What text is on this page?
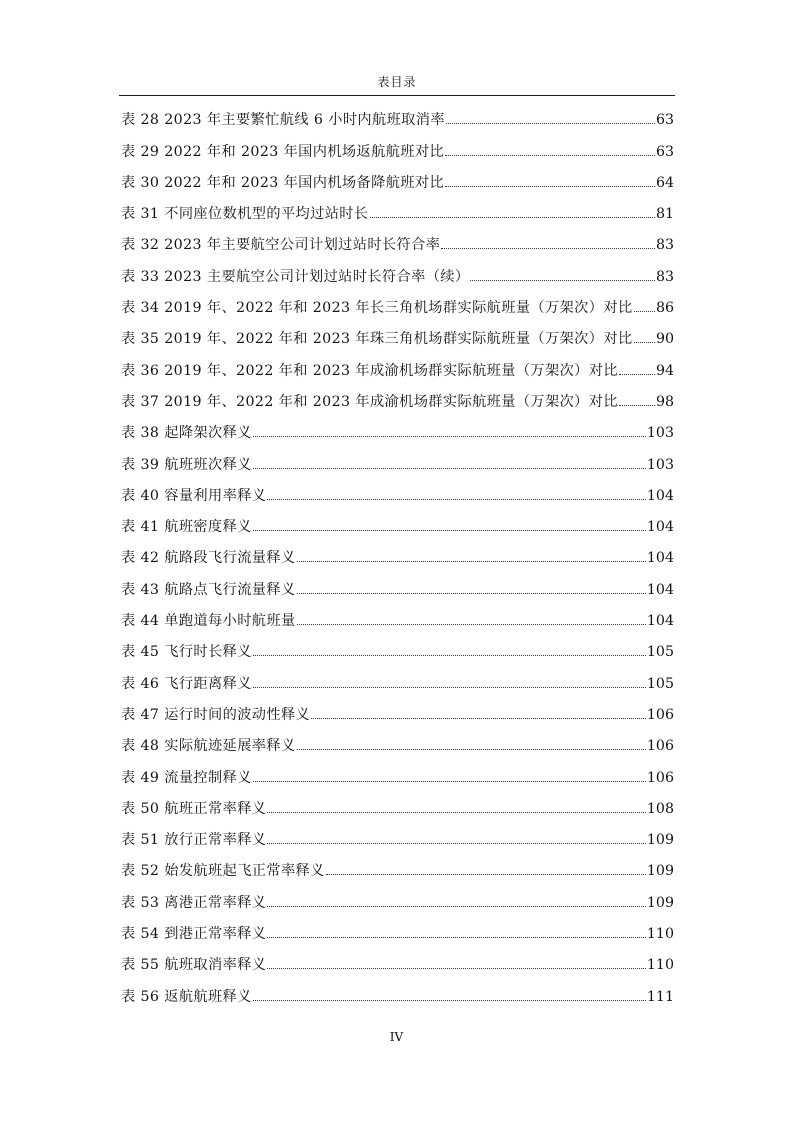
表目录
表 28 2023 年主要繁忙航线 6 小时内航班取消率	63
表 29 2022 年和 2023 年国内机场返航航班对比	63
表 30 2022 年和 2023 年国内机场备降航班对比	64
表 31 不同座位数机型的平均过站时长	81
表 32 2023 年主要航空公司计划过站时长符合率	83
表 33 2023 主要航空公司计划过站时长符合率（续）	83
表 34 2019 年、2022 年和 2023 年长三角机场群实际航班量（万架次）对比 86
表 35 2019 年、2022 年和 2023 年珠三角机场群实际航班量（万架次）对比 90
表 36 2019 年、2022 年和 2023 年成渝机场群实际航班量（万架次）对比	94
表 37 2019 年、2022 年和 2023 年成渝机场群实际航班量（万架次）对比	98
表 38 起降架次释义	103
表 39 航班班次释义	103
表 40 容量利用率释义	104
表 41 航班密度释义	104
表 42 航路段飞行流量释义	104
表 43 航路点飞行流量释义	104
表 44 单跑道每小时航班量	104
表 45 飞行时长释义	105
表 46 飞行距离释义	105
表 47 运行时间的波动性释义	106
表 48 实际航迹延展率释义	106
表 49 流量控制释义	106
表 50 航班正常率释义	108
表 51 放行正常率释义	109
表 52 始发航班起飞正常率释义	109
表 53 离港正常率释义	109
表 54 到港正常率释义	110
表 55 航班取消率释义	110
表 56 返航航班释义	111
IV
